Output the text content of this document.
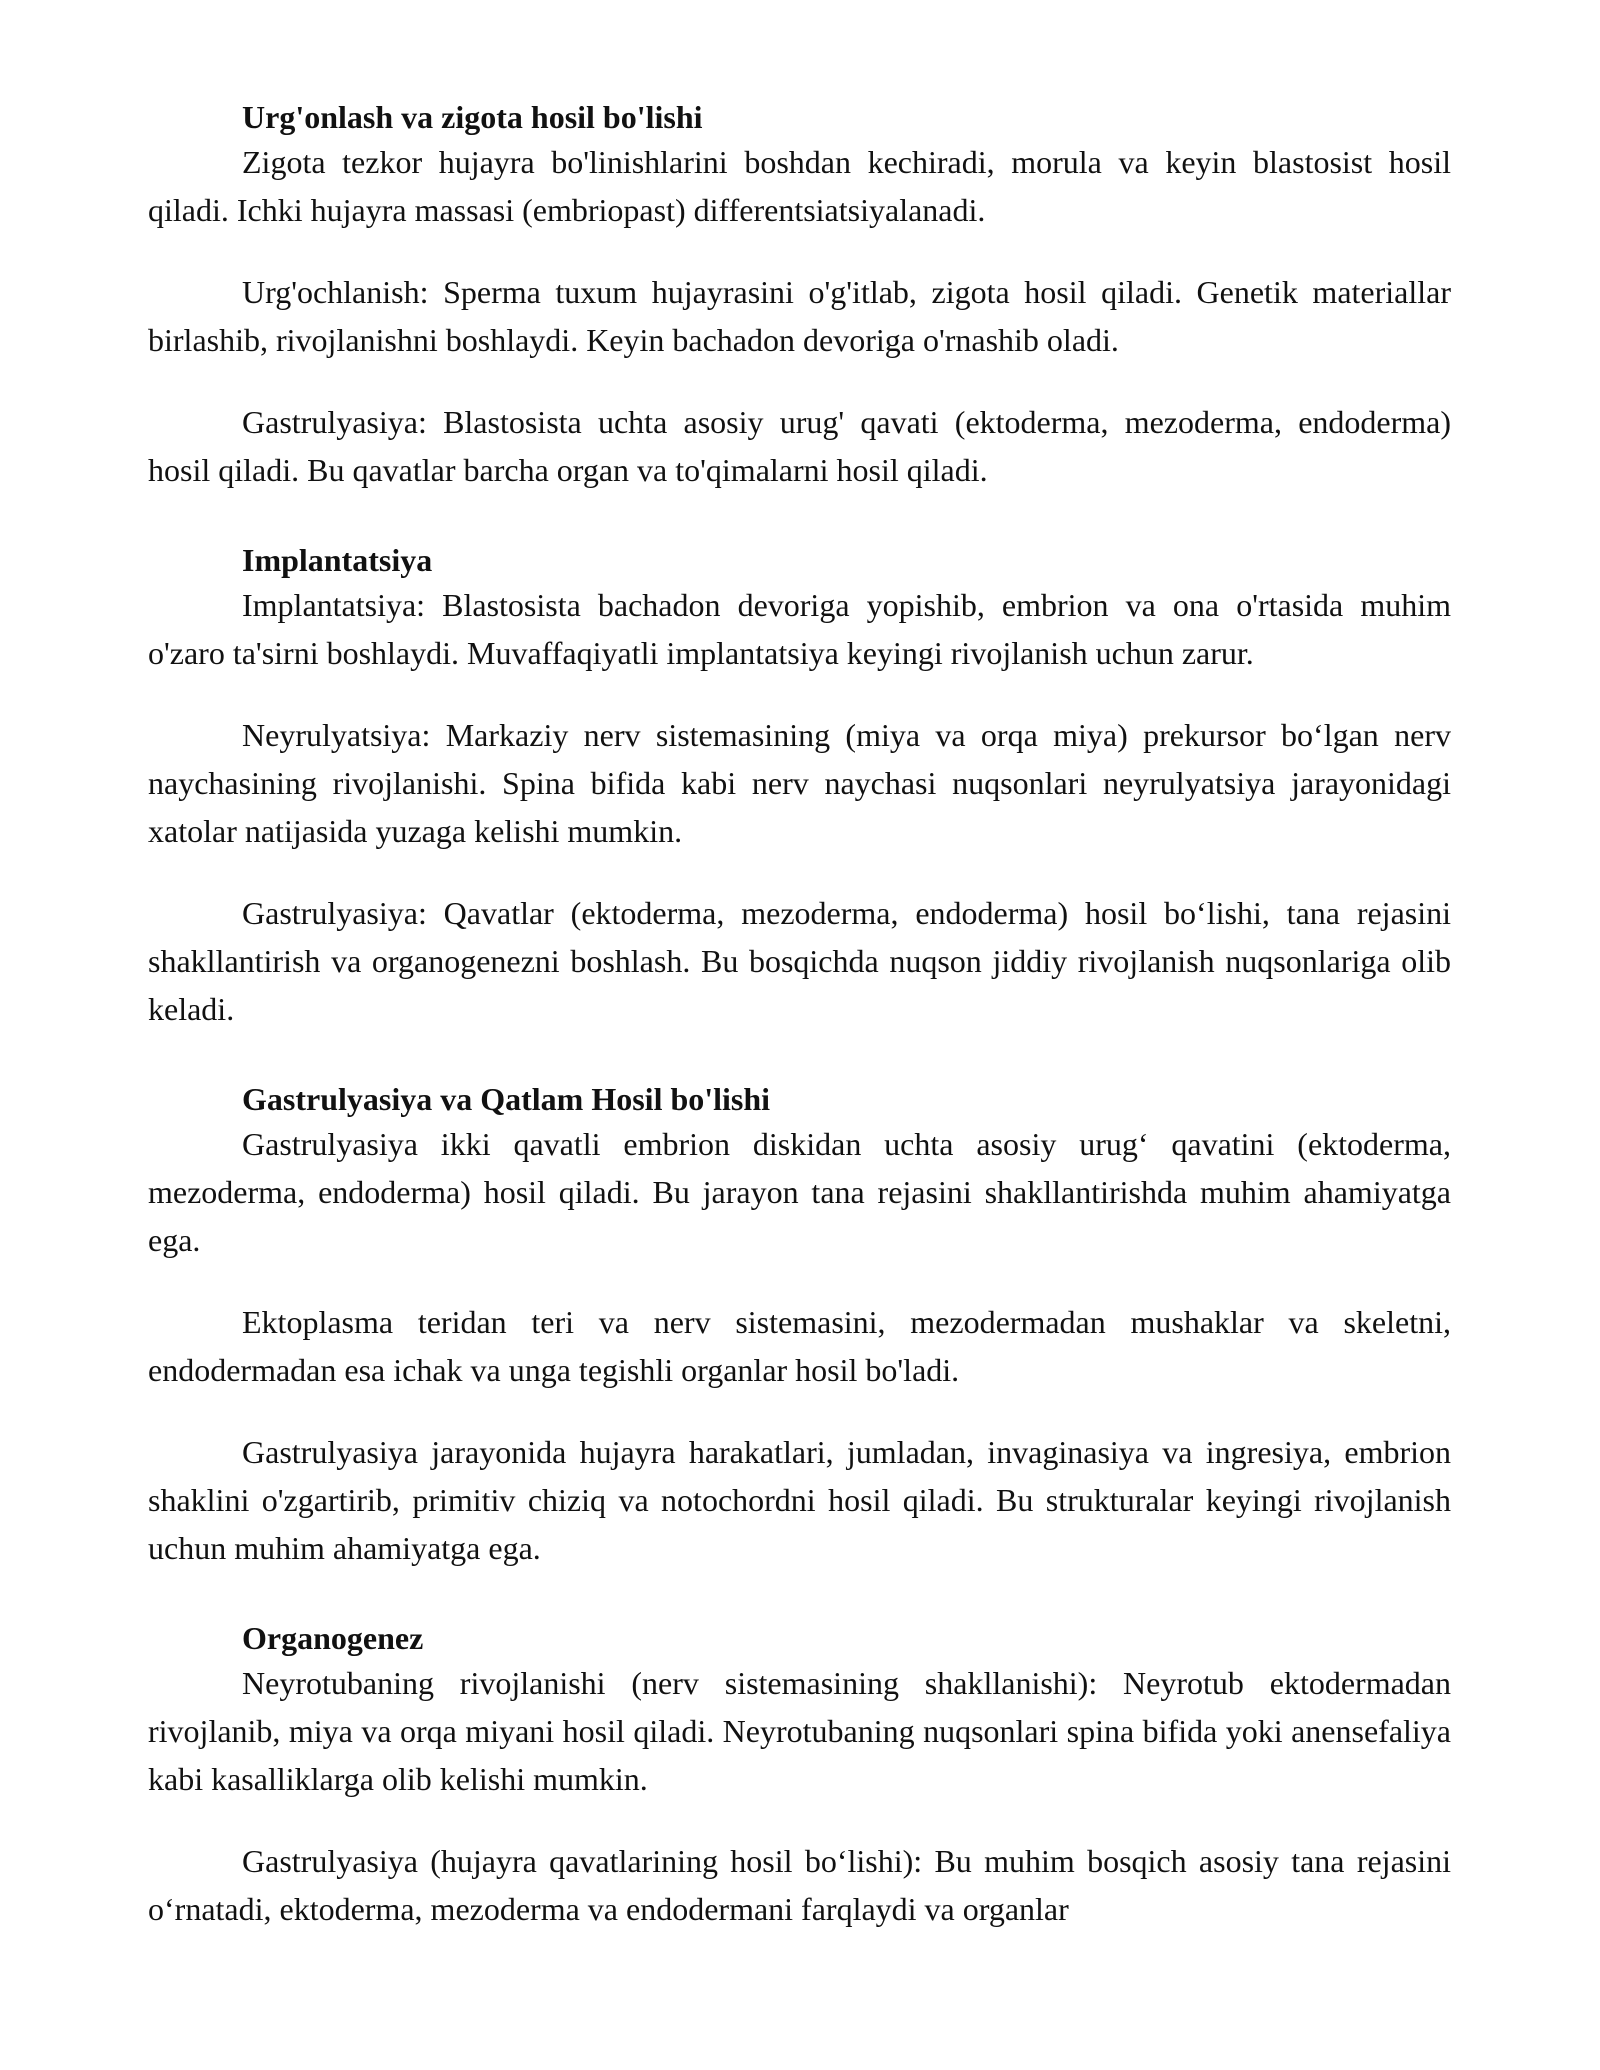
Urg'onlash va zigota hosil bo'lishi

Zigota tezkor hujayra bo'linishlarini boshdan kechiradi, morula va keyin blastosist hosil qiladi. Ichki hujayra massasi (embriopast) differentsiatsiyalanadi.

Urg'ochlanish: Sperma tuxum hujayrasini o'g'itlab, zigota hosil qiladi. Genetik materiallar birlashib, rivojlanishni boshlaydi. Keyin bachadon devoriga o'rnashib oladi.

Gastrulyasiya: Blastosista uchta asosiy urug' qavati (ektoderma, mezoderma, endoderma) hosil qiladi. Bu qavatlar barcha organ va to'qimalarni hosil qiladi.

Implantatsiya

Implantatsiya: Blastosista bachadon devoriga yopishib, embrion va ona o'rtasida muhim o'zaro ta'sirni boshlaydi. Muvaffaqiyatli implantatsiya keyingi rivojlanish uchun zarur.

Neyrulyatsiya: Markaziy nerv sistemasining (miya va orqa miya) prekursor bo‘lgan nerv naychasining rivojlanishi. Spina bifida kabi nerv naychasi nuqsonlari neyrulyatsiya jarayonidagi xatolar natijasida yuzaga kelishi mumkin.

Gastrulyasiya: Qavatlar (ektoderma, mezoderma, endoderma) hosil bo‘lishi, tana rejasini shakllantirish va organogenezni boshlash. Bu bosqichda nuqson jiddiy rivojlanish nuqsonlariga olib keladi.

Gastrulyasiya va Qatlam Hosil bo'lishi

Gastrulyasiya ikki qavatli embrion diskidan uchta asosiy urug‘ qavatini (ektoderma, mezoderma, endoderma) hosil qiladi. Bu jarayon tana rejasini shakllantirishda muhim ahamiyatga ega.

Ektoplasma teridan teri va nerv sistemasini, mezodermadan mushaklar va skeletni, endodermadan esa ichak va unga tegishli organlar hosil bo'ladi.

Gastrulyasiya jarayonida hujayra harakatlari, jumladan, invaginasiya va ingresiya, embrion shaklini o'zgartirib, primitiv chiziq va notochordni hosil qiladi. Bu strukturalar keyingi rivojlanish uchun muhim ahamiyatga ega.

Organogenez

Neyrotubaning rivojlanishi (nerv sistemasining shakllanishi): Neyrotub ektodermadan rivojlanib, miya va orqa miyani hosil qiladi. Neyrotubaning nuqsonlari spina bifida yoki anensefaliya kabi kasalliklarga olib kelishi mumkin.

Gastrulyasiya (hujayra qavatlarining hosil bo‘lishi): Bu muhim bosqich asosiy tana rejasini o‘rnatadi, ektoderma, mezoderma va endodermani farqlaydi va organlar
